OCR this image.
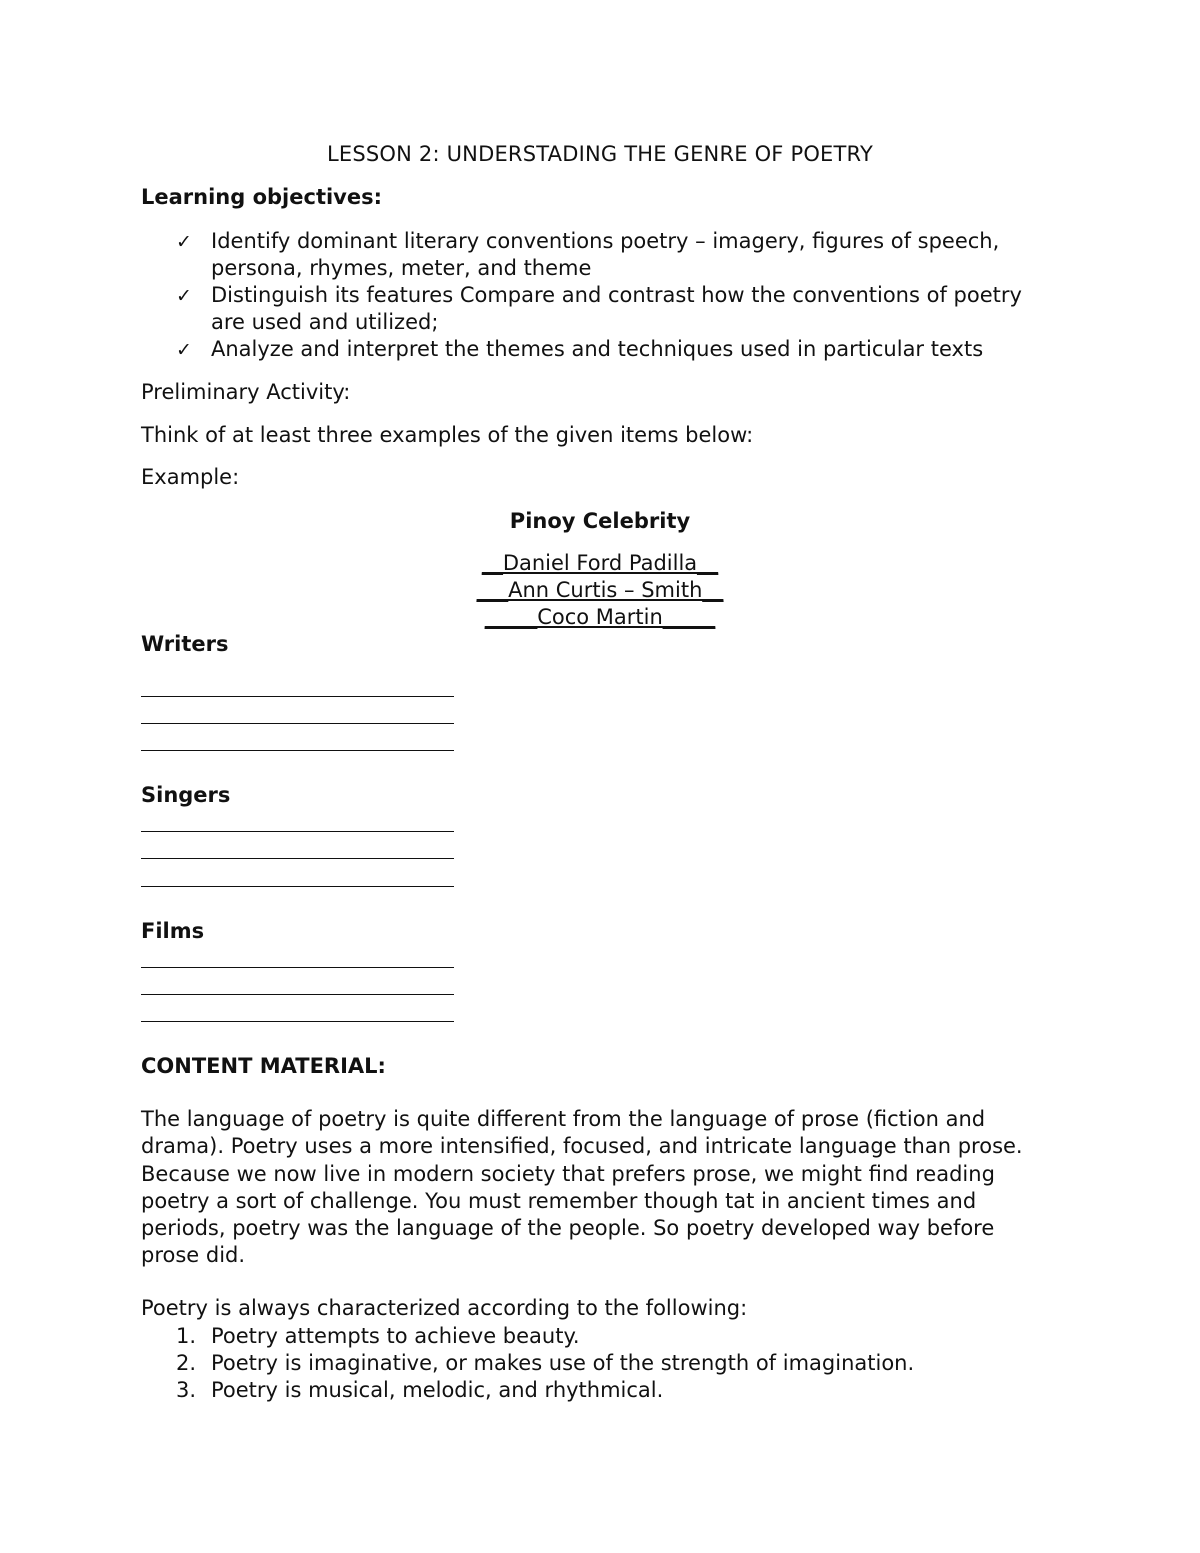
LESSON 2: UNDERSTADING THE GENRE OF POETRY

Learning objectives:

✓ Identify dominant literary conventions poetry – imagery, figures of speech,

persona, rhymes, meter, and theme

✓ Distinguish its features Compare and contrast how the conventions of poetry

are used and utilized;

✓ Analyze and interpret the themes and techniques used in particular texts

Preliminary Activity:

Think of at least three examples of the given items below:

Example:

Pinoy Celebrity

__Daniel Ford Padilla__

___Ann Curtis – Smith__

_____Coco Martin_____

Writers

Singers

Films

CONTENT MATERIAL:

The language of poetry is quite different from the language of prose (fiction and

drama). Poetry uses a more intensified, focused, and intricate language than prose.

Because we now live in modern society that prefers prose, we might find reading

poetry a sort of challenge. You must remember though tat in ancient times and

periods, poetry was the language of the people. So poetry developed way before

prose did.

Poetry is always characterized according to the following:

1. Poetry attempts to achieve beauty.

2. Poetry is imaginative, or makes use of the strength of imagination.

3. Poetry is musical, melodic, and rhythmical.
